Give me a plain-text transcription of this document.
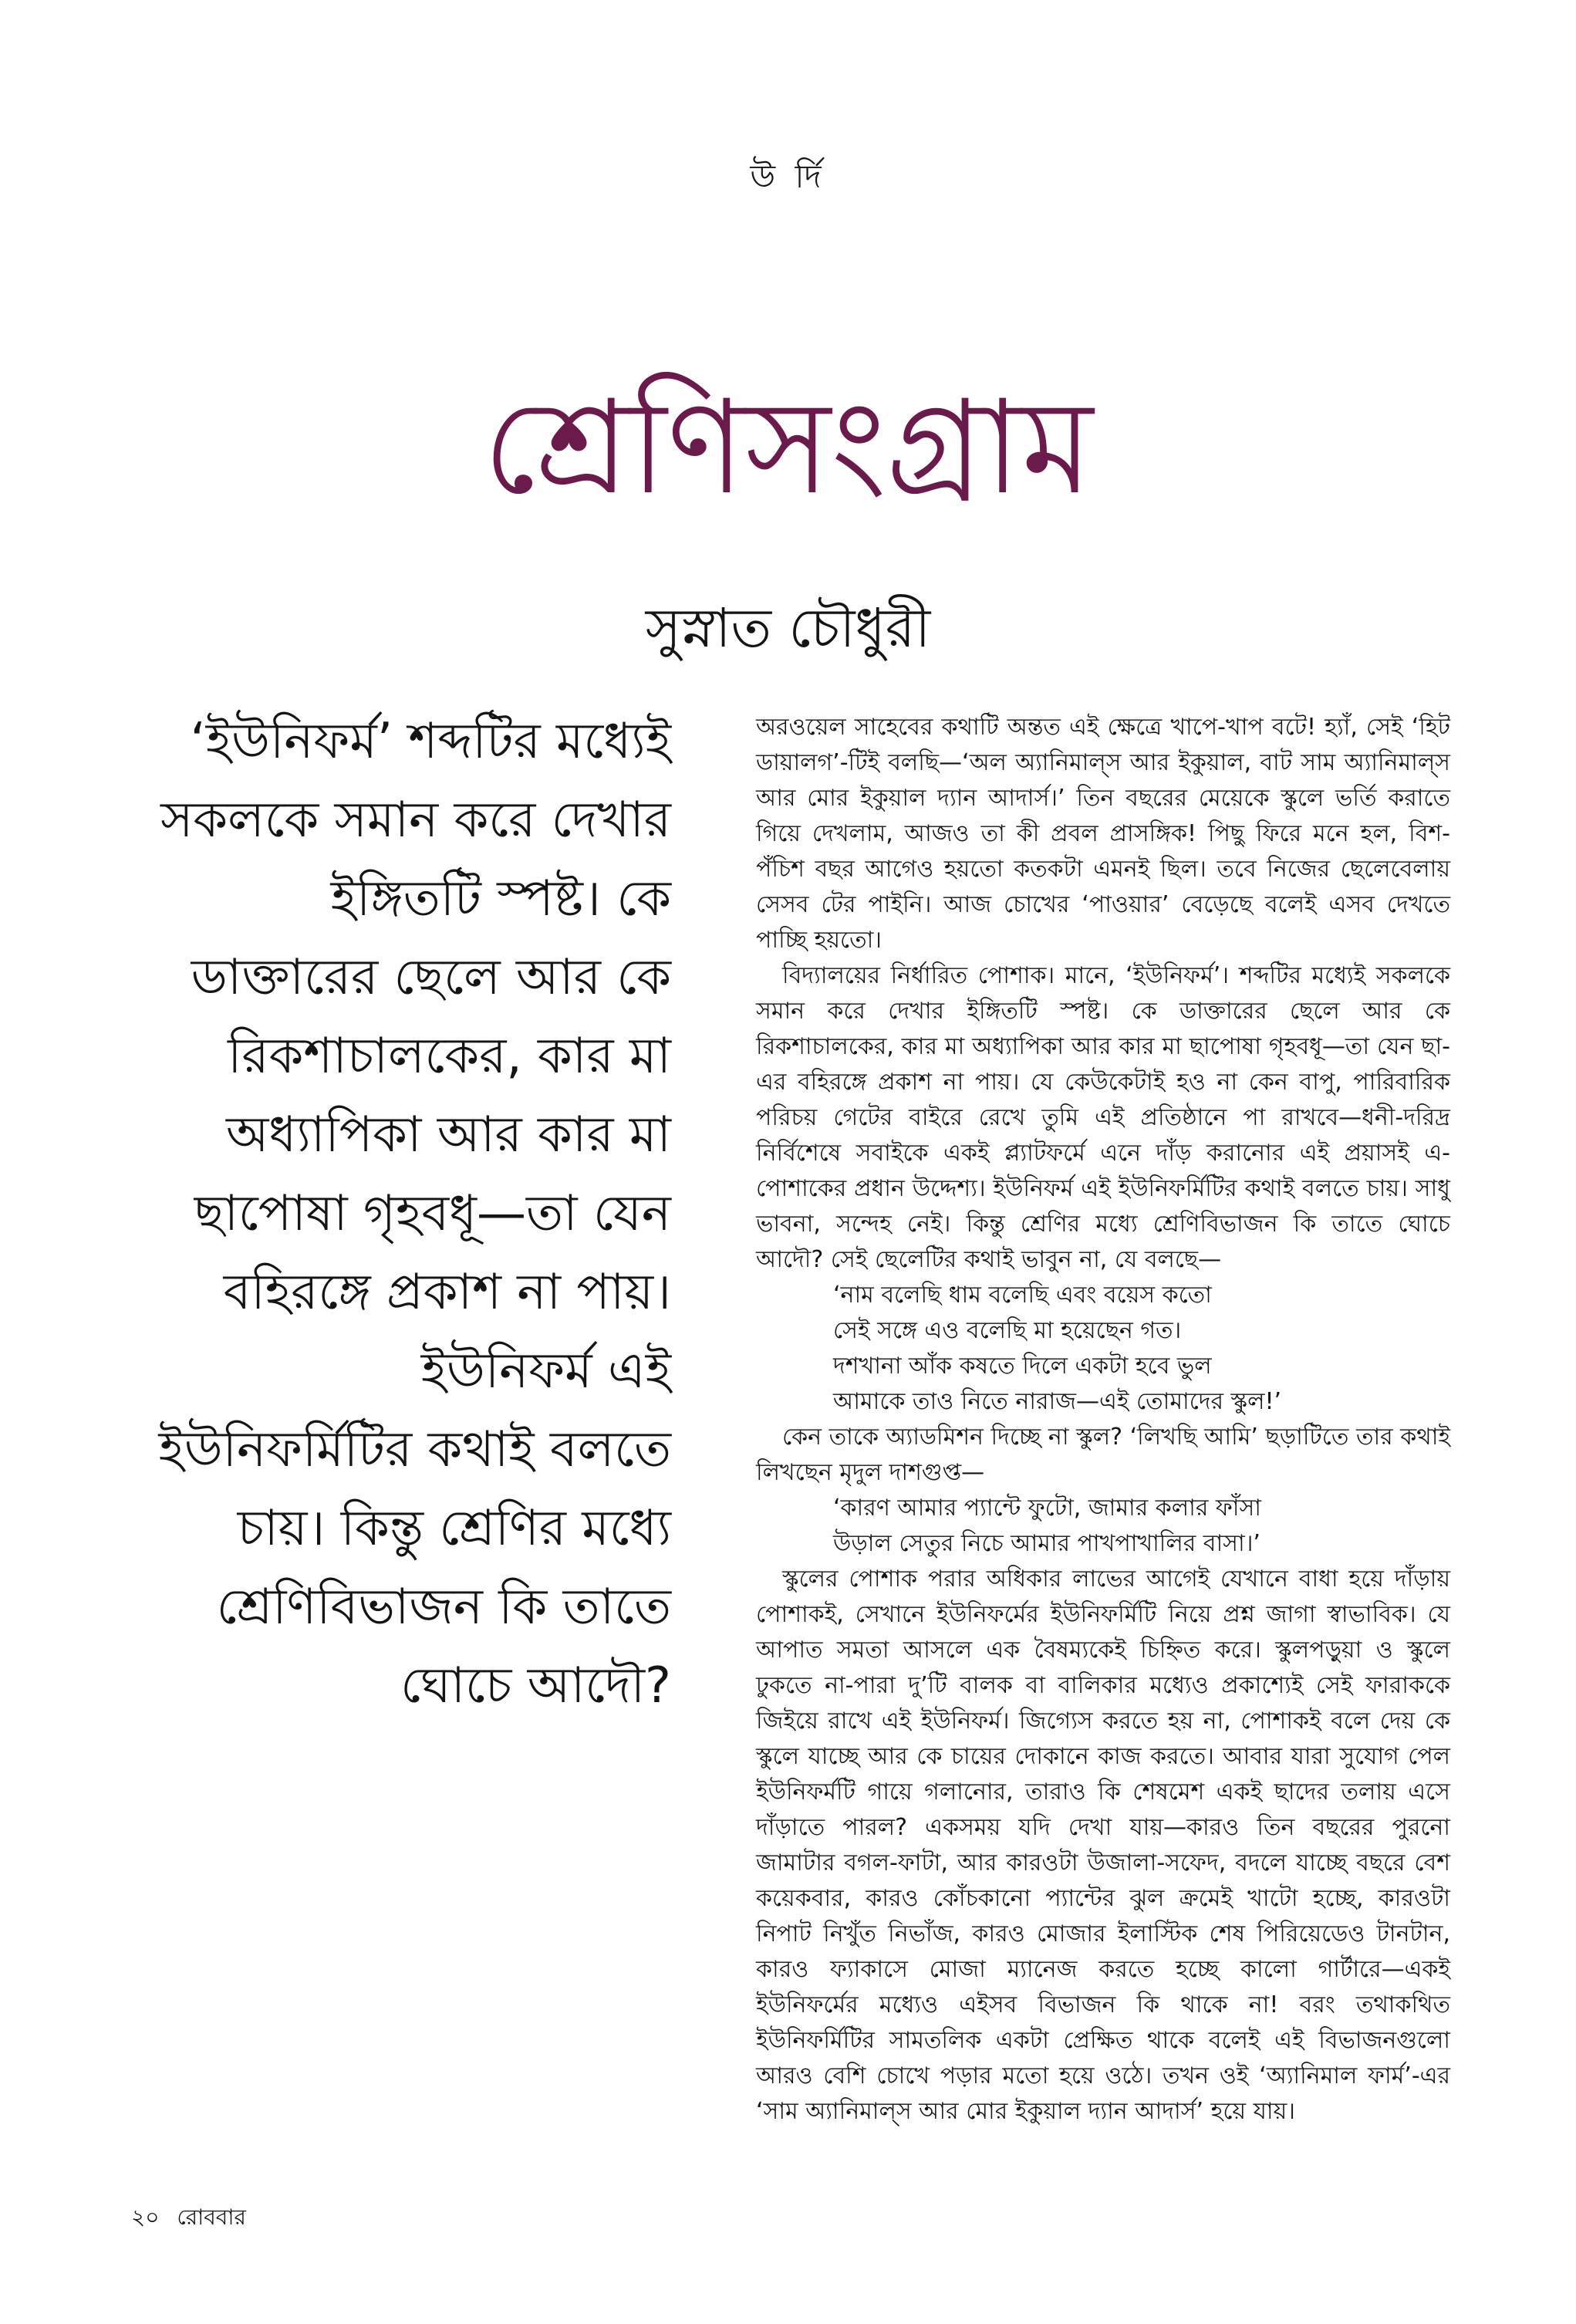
উ র্দি
শ্রেণিসংগ্রাম
সুস্নাত চৌধুরী

‘ইউনিফর্ম’ শব্দটির মধ্যেই সকলকে সমান করে দেখার ইঙ্গিতটি স্পষ্ট। কে ডাক্তারের ছেলে আর কে রিকশাচালকের, কার মা অধ্যাপিকা আর কার মা ছাপোষা গৃহবধূ—তা যেন বহিরঙ্গে প্রকাশ না পায়। ইউনিফর্ম এই ইউনিফর্মিটির কথাই বলতে চায়। কিন্তু শ্রেণির মধ্যে শ্রেণিবিভাজন কি তাতে ঘোচে আদৌ?

অরওয়েল সাহেবের কথাটি অন্তত এই ক্ষেত্রে খাপে-খাপ বটে! হ্যাঁ, সেই ‘হিট ডায়ালগ’-টিই বলছি—‘অল অ্যানিমাল্‌স আর ইকুয়াল, বাট সাম অ্যানিমাল্‌স আর মোর ইকুয়াল দ্যান আদার্স।’ তিন বছরের মেয়েকে স্কুলে ভর্তি করাতে গিয়ে দেখলাম, আজও তা কী প্রবল প্রাসঙ্গিক! পিছু ফিরে মনে হল, বিশ-পঁচিশ বছর আগেও হয়তো কতকটা এমনই ছিল। তবে নিজের ছেলেবেলায় সেসব টের পাইনি। আজ চোখের ‘পাওয়ার’ বেড়েছে বলেই এসব দেখতে পাচ্ছি হয়তো।

বিদ্যালয়ের নির্ধারিত পোশাক। মানে, ‘ইউনিফর্ম’। শব্দটির মধ্যেই সকলকে সমান করে দেখার ইঙ্গিতটি স্পষ্ট। কে ডাক্তারের ছেলে আর কে রিকশাচালকের, কার মা অধ্যাপিকা আর কার মা ছাপোষা গৃহবধূ—তা যেন ছা-এর বহিরঙ্গে প্রকাশ না পায়। যে কেউকেটাই হও না কেন বাপু, পারিবারিক পরিচয় গেটের বাইরে রেখে তুমি এই প্রতিষ্ঠানে পা রাখবে—ধনী-দরিদ্র নির্বিশেষে সবাইকে একই প্ল্যাটফর্মে এনে দাঁড় করানোর এই প্রয়াসই এ-পোশাকের প্রধান উদ্দেশ্য। ইউনিফর্ম এই ইউনিফর্মিটির কথাই বলতে চায়। সাধু ভাবনা, সন্দেহ নেই। কিন্তু শ্রেণির মধ্যে শ্রেণিবিভাজন কি তাতে ঘোচে আদৌ? সেই ছেলেটির কথাই ভাবুন না, যে বলছে—

‘নাম বলেছি ধাম বলেছি এবং বয়েস কতো
সেই সঙ্গে এও বলেছি মা হয়েছেন গত।
দশখানা আঁক কষতে দিলে একটা হবে ভুল
আমাকে তাও নিতে নারাজ—এই তোমাদের স্কুল!’

কেন তাকে অ্যাডমিশন দিচ্ছে না স্কুল? ‘লিখছি আমি’ ছড়াটিতে তার কথাই লিখছেন মৃদুল দাশগুপ্ত—

‘কারণ আমার প্যান্টে ফুটো, জামার কলার ফাঁসা
উড়াল সেতুর নিচে আমার পাখপাখালির বাসা।’

স্কুলের পোশাক পরার অধিকার লাভের আগেই যেখানে বাধা হয়ে দাঁড়ায় পোশাকই, সেখানে ইউনিফর্মের ইউনিফর্মিটি নিয়ে প্রশ্ন জাগা স্বাভাবিক। যে আপাত সমতা আসলে এক বৈষম্যকেই চিহ্নিত করে। স্কুলপড়ুয়া ও স্কুলে ঢুকতে না-পারা দু’টি বালক বা বালিকার মধ্যেও প্রকাশ্যেই সেই ফারাককে জিইয়ে রাখে এই ইউনিফর্ম। জিগ্যেস করতে হয় না, পোশাকই বলে দেয় কে স্কুলে যাচ্ছে আর কে চায়ের দোকানে কাজ করতে। আবার যারা সুযোগ পেল ইউনিফর্মটি গায়ে গলানোর, তারাও কি শেষমেশ একই ছাদের তলায় এসে দাঁড়াতে পারল? একসময় যদি দেখা যায়—কারও তিন বছরের পুরনো জামাটার বগল-ফাটা, আর কারওটা উজালা-সফেদ, বদলে যাচ্ছে বছরে বেশ কয়েকবার, কারও কোঁচকানো প্যান্টের ঝুল ক্রমেই খাটো হচ্ছে, কারওটা নিপাট নিখুঁত নিভাঁজ, কারও মোজার ইলাস্টিক শেষ পিরিয়েডেও টানটান, কারও ফ্যাকাসে মোজা ম্যানেজ করতে হচ্ছে কালো গার্টারে—একই ইউনিফর্মের মধ্যেও এইসব বিভাজন কি থাকে না! বরং তথাকথিত ইউনিফর্মিটির সামতলিক একটা প্রেক্ষিত থাকে বলেই এই বিভাজনগুলো আরও বেশি চোখে পড়ার মতো হয়ে ওঠে। তখন ওই ‘অ্যানিমাল ফার্ম’-এর ‘সাম অ্যানিমাল্‌স আর মোর ইকুয়াল দ্যান আদার্স’ হয়ে যায়।

২০ রোববার
